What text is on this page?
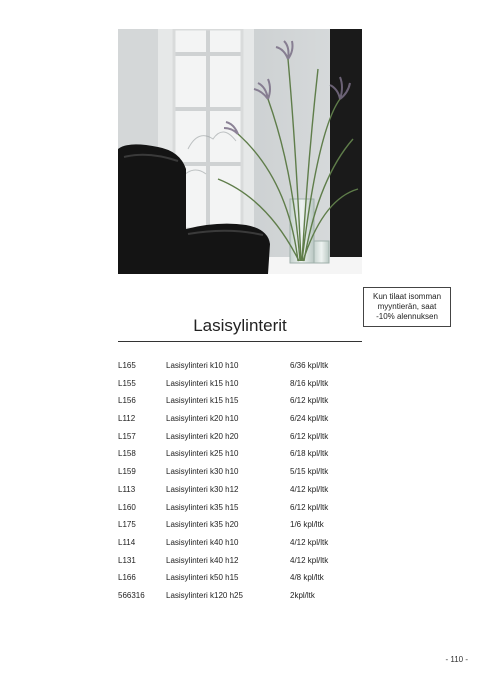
Kun tilaat isomman
myyntierän, saat
-10% alennuksen
Lasisylinterit
L165	Lasisylinteri k10 h10	6/36 kpl/ltk
L155	Lasisylinteri k15 h10	8/16 kpl/ltk
L156	Lasisylinteri k15 h15	6/12 kpl/ltk
L112	Lasisylinteri k20 h10	6/24 kpl/ltk
L157	Lasisylinteri k20 h20	6/12 kpl/ltk
L158	Lasisylinteri k25 h10	6/18 kpl/ltk
L159	Lasisylinteri k30 h10	5/15 kpl/ltk
L113	Lasisylinteri k30 h12	4/12 kpl/ltk
L160	Lasisylinteri k35 h15	6/12 kpl/ltk
L175	Lasisylinteri k35 h20	1/6 kpl/ltk
L114	Lasisylinteri k40 h10	4/12 kpl/ltk
L131	Lasisylinteri k40 h12	4/12 kpl/ltk
L166	Lasisylinteri k50 h15	4/8 kpl/ltk
566316	Lasisylinteri k120 h25	2kpl/ltk
- 110 -
